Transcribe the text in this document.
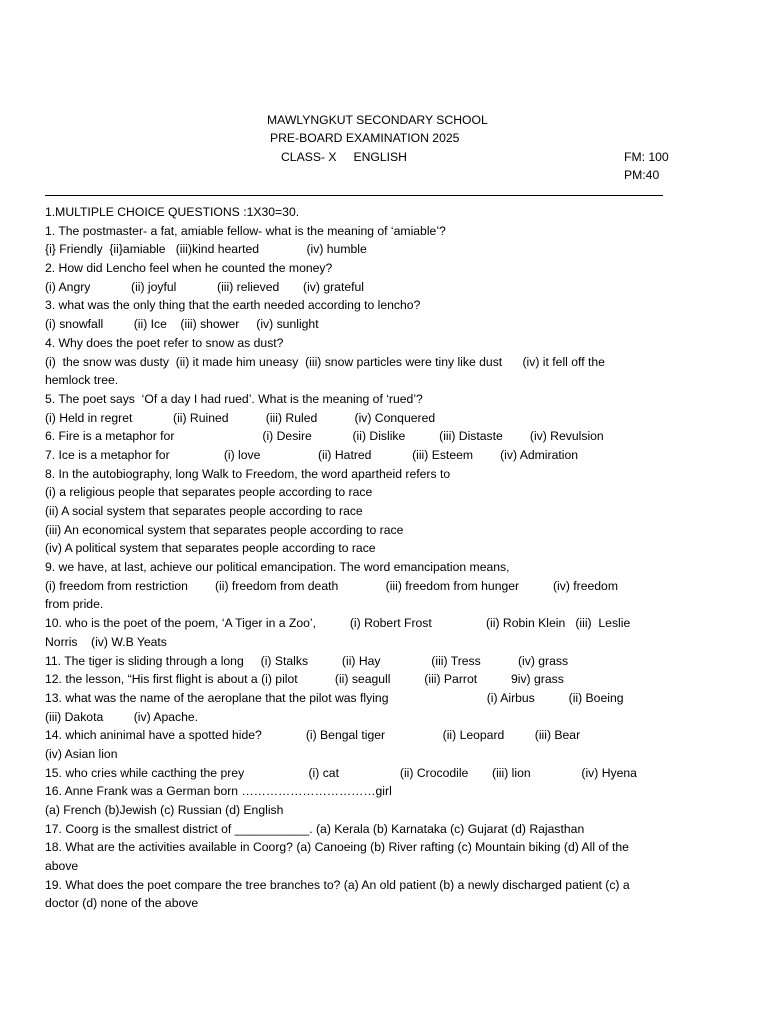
MAWLYNGKUT SECONDARY SCHOOL
PRE-BOARD EXAMINATION 2025
CLASS- X     ENGLISH	FM: 100
PM:40
1.MULTIPLE CHOICE QUESTIONS :1X30=30.
1. The postmaster- a fat, amiable fellow- what is the meaning of ‘amiable’?
{i} Friendly  {ii}amiable   (iii)kind hearted              (iv) humble
2. How did Lencho feel when he counted the money?
(i) Angry            (ii) joyful            (iii) relieved       (iv) grateful
3. what was the only thing that the earth needed according to lencho?
(i) snowfall         (ii) Ice    (iii) shower     (iv) sunlight
4. Why does the poet refer to snow as dust?
(i)  the snow was dusty  (ii) it made him uneasy  (iii) snow particles were tiny like dust      (iv) it fell off the
hemlock tree.
5. The poet says  ‘Of a day I had rued’. What is the meaning of ‘rued’?
(i) Held in regret            (ii) Ruined           (iii) Ruled           (iv) Conquered
6. Fire is a metaphor for                          (i) Desire            (ii) Dislike          (iii) Distaste        (iv) Revulsion
7. Ice is a metaphor for                (i) love                 (ii) Hatred            (iii) Esteem        (iv) Admiration
8. In the autobiography, long Walk to Freedom, the word apartheid refers to
(i) a religious people that separates people according to race
(ii) A social system that separates people according to race
(iii) An economical system that separates people according to race
(iv) A political system that separates people according to race
9. we have, at last, achieve our political emancipation. The word emancipation means,
(i) freedom from restriction        (ii) freedom from death              (iii) freedom from hunger          (iv) freedom
from pride.
10. who is the poet of the poem, ‘A Tiger in a Zoo’,          (i) Robert Frost                (ii) Robin Klein   (iii)  Leslie
Norris    (iv) W.B Yeats
11. The tiger is sliding through a long     (i) Stalks          (ii) Hay               (iii) Tress           (iv) grass
12. the lesson, “His first flight is about a (i) pilot           (ii) seagull          (iii) Parrot          9iv) grass
13. what was the name of the aeroplane that the pilot was flying                             (i) Airbus          (ii) Boeing
(iii) Dakota         (iv) Apache.
14. which aninimal have a spotted hide?             (i) Bengal tiger                 (ii) Leopard         (iii) Bear
(iv) Asian lion
15. who cries while cacthing the prey                   (i) cat                  (ii) Crocodile       (iii) lion               (iv) Hyena
16. Anne Frank was a German born ……………………………girl
(a) French (b)Jewish (c) Russian (d) English
17. Coorg is the smallest district of ___________. (a) Kerala (b) Karnataka (c) Gujarat (d) Rajasthan
18. What are the activities available in Coorg? (a) Canoeing (b) River rafting (c) Mountain biking (d) All of the
above
19. What does the poet compare the tree branches to? (a) An old patient (b) a newly discharged patient (c) a
doctor (d) none of the above
